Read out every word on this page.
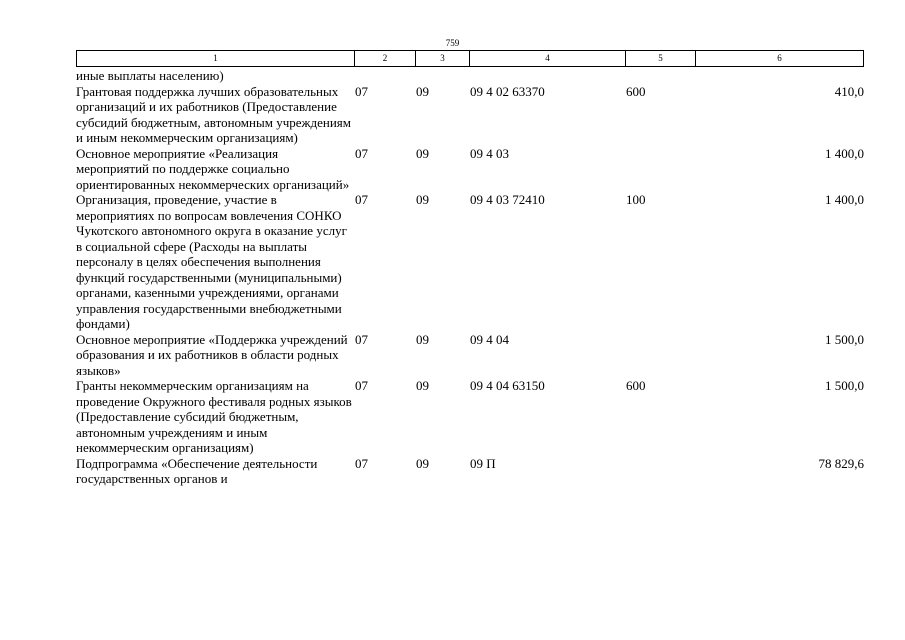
759
1	2	3	4	5	6
иные выплаты населению)					
Грантовая поддержка лучших образовательных организаций и их работников (Предоставление субсидий бюджетным, автономным учреждениям и иным некоммерческим организациям)	07	09	09 4 02 63370	600	410,0
Основное мероприятие «Реализация мероприятий по поддержке социально ориентированных некоммерческих организаций»	07	09	09 4 03		1 400,0
Организация, проведение, участие в мероприятиях по вопросам вовлечения СОНКО Чукотского автономного округа в оказание услуг в социальной сфере (Расходы на выплаты персоналу в целях обеспечения выполнения функций государственными (муниципальными) органами, казенными учреждениями, органами управления государственными внебюджетными фондами)	07	09	09 4 03 72410	100	1 400,0
Основное мероприятие «Поддержка учреждений образования и их работников в области родных языков»	07	09	09 4 04		1 500,0
Гранты некоммерческим организациям на проведение Окружного фестиваля родных языков (Предоставление субсидий бюджетным, автономным учреждениям и иным некоммерческим организациям)	07	09	09 4 04 63150	600	1 500,0
Подпрограмма «Обеспечение деятельности государственных органов и	07	09	09 П		78 829,6
